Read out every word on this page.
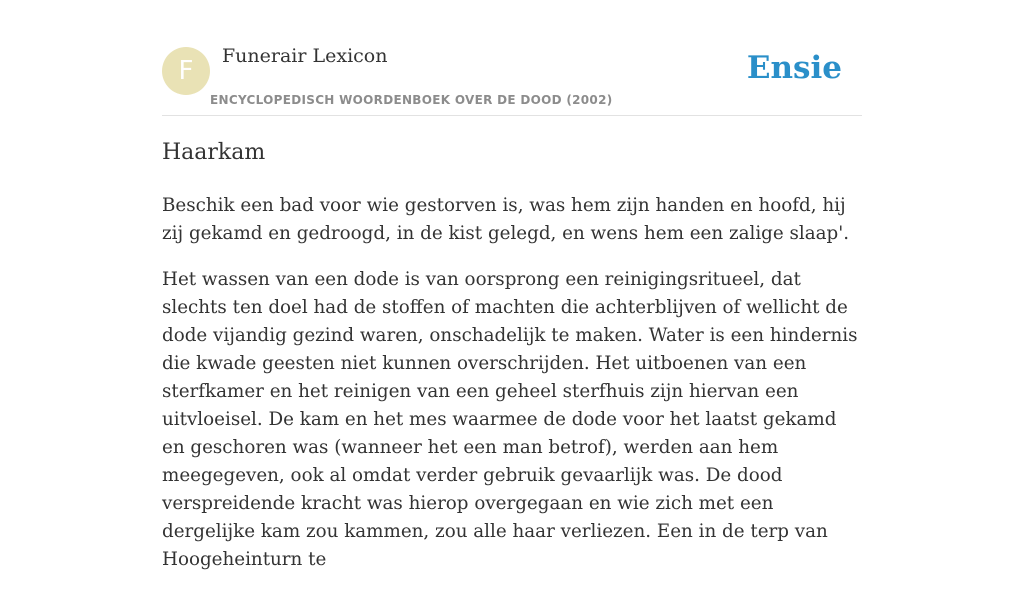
F	Funerair Lexicon
ENCYCLOPEDISCH WOORDENBOEK OVER DE DOOD (2002)
Ensie
Haarkam

Beschik een bad voor wie gestorven is, was hem zijn handen en hoofd, hij zij gekamd en gedroogd, in de kist gelegd, en wens hem een zalige slaap'.

Het wassen van een dode is van oorsprong een reinigingsritueel, dat slechts ten doel had de stoffen of machten die achterblijven of wellicht de dode vijandig gezind waren, onschadelijk te maken. Water is een hindernis die kwade geesten niet kunnen overschrijden. Het uitboenen van een sterfkamer en het reinigen van een geheel sterfhuis zijn hiervan een uitvloeisel. De kam en het mes waarmee de dode voor het laatst gekamd en geschoren was (wanneer het een man betrof), werden aan hem meegegeven, ook al omdat verder gebruik gevaarlijk was. De dood verspreidende kracht was hierop overgegaan en wie zich met een dergelijke kam zou kammen, zou alle haar verliezen. Een in de terp van Hoogeheinturn te
